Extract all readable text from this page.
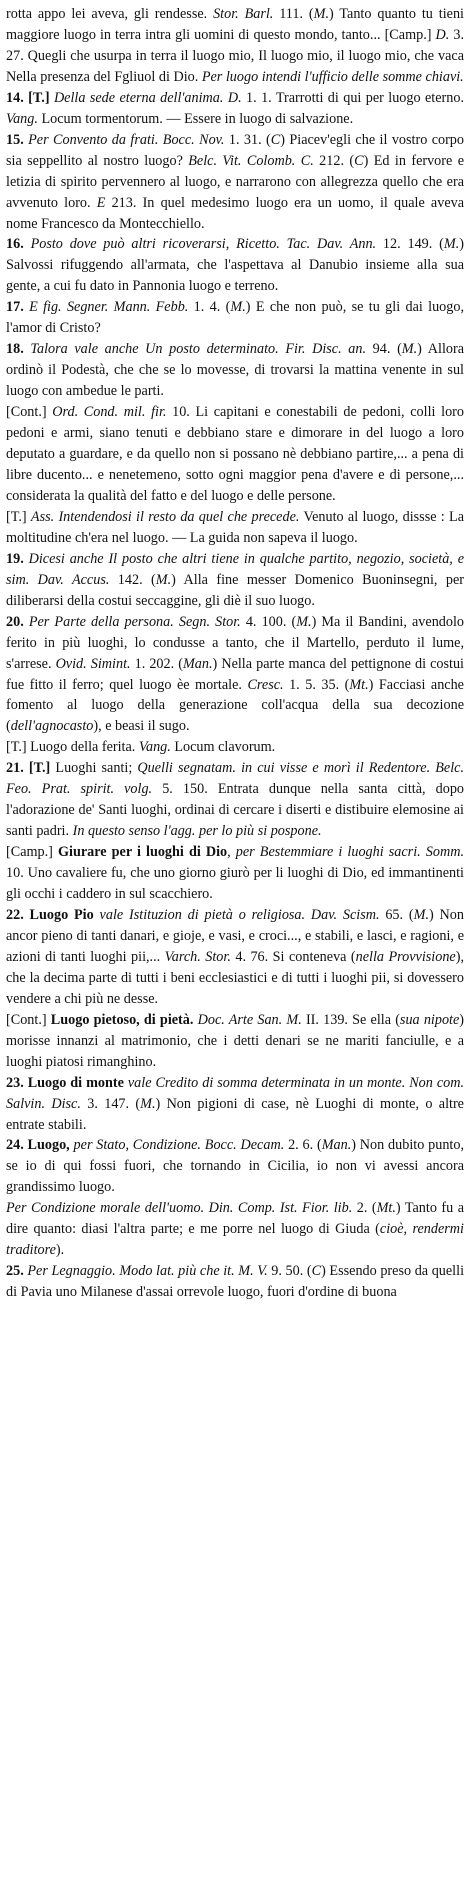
rotta appo lei aveva, gli rendesse. Stor. Barl. 111. (M.) Tanto quanto tu tieni maggiore luogo in terra intra gli uomini di questo mondo, tanto... [Camp.] D. 3. 27. Quegli che usurpa in terra il luogo mio, Il luogo mio, il luogo mio, che vaca Nella presenza del Fgliuol di Dio. Per luogo intendi l'ufficio delle somme chiavi.

14. [T.] Della sede eterna dell'anima. D. 1. 1. Trarrotti di qui per luogo eterno. Vang. Locum tormentorum. — Essere in luogo di salvazione.

15. Per Convento da frati. Bocc. Nov. 1. 31. (C) Piacev'egli che il vostro corpo sia seppellito al nostro luogo? Belc. Vit. Colomb. C. 212. (C) Ed in fervore e letizia di spirito pervennero al luogo, e narrarono con allegrezza quello che era avvenuto loro. E 213. In quel medesimo luogo era un uomo, il quale aveva nome Francesco da Montecchiello.

16. Posto dove può altri ricoverarsi, Ricetto. Tac. Dav. Ann. 12. 149. (M.) Salvossi rifuggendo all'armata, che l'aspettava al Danubio insieme alla sua gente, a cui fu dato in Pannonia luogo e terreno.

17. E fig. Segner. Mann. Febb. 1. 4. (M.) E che non può, se tu gli dai luogo, l'amor di Cristo?

18. Talora vale anche Un posto determinato. Fir. Disc. an. 94. (M.) Allora ordinò il Podestà, che che se lo movesse, di trovarsi la mattina venente in sul luogo con ambedue le parti.

[Cont.] Ord. Cond. mil. fir. 10. Li capitani e conestabili de pedoni, colli loro pedoni e armi, siano tenuti e debbiano stare e dimorare in del luogo a loro deputato a guardare, e da quello non si possano nè debbiano partire,... a pena di libre ducento... e nenetemeno, sotto ogni maggior pena d'avere e di persone,... considerata la qualità del fatto e del luogo e delle persone.

[T.] Ass. Intendendosi il resto da quel che precede. Venuto al luogo, dissse : La moltitudine ch'era nel luogo. — La guida non sapeva il luogo.

19. Dicesi anche Il posto che altri tiene in qualche partito, negozio, società, e sim. Dav. Accus. 142. (M.) Alla fine messer Domenico Buoninsegni, per diliberarsi della costui seccaggine, gli diè il suo luogo.

20. Per Parte della persona. Segn. Stor. 4. 100. (M.) Ma il Bandini, avendolo ferito in più luoghi, lo condusse a tanto, che il Martello, perduto il lume, s'arrese. Ovid. Simint. 1. 202. (Man.) Nella parte manca del pettignone di costui fue fitto il ferro; quel luogo èe mortale. Cresc. 1. 5. 35. (Mt.) Facciasi anche fomento al luogo della generazione coll'acqua della sua decozione (dell'agnocasto), e beasi il sugo.

[T.] Luogo della ferita. Vang. Locum clavorum.

21. [T.] Luoghi santi; Quelli segnatam. in cui visse e morì il Redentore. Belc. Feo. Prat. spirit. volg. 5. 150. Entrata dunque nella santa città, dopo l'adorazione de' Santi luoghi, ordinai di cercare i diserti e distibuire elemosine ai santi padri. In questo senso l'agg. per lo più si pospone.

[Camp.] Giurare per i luoghi di Dio, per Bestemmiare i luoghi sacri. Somm. 10. Uno cavaliere fu, che uno giorno giurò per li luoghi di Dio, ed immantinenti gli occhi i caddero in sul scacchiero.

22. Luogo Pio vale Istituzion di pietà o religiosa. Dav. Scism. 65. (M.) Non ancor pieno di tanti danari, e gioje, e vasi, e croci..., e stabili, e lasci, e ragioni, e azioni di tanti luoghi pii,... Varch. Stor. 4. 76. Si conteneva (nella Provvisione), che la decima parte di tutti i beni ecclesiastici e di tutti i luoghi pii, si dovessero vendere a chi più ne desse.

[Cont.] Luogo pietoso, di pietà. Doc. Arte San. M. II. 139. Se ella (sua nipote) morisse innanzi al matrimonio, che i detti denari se ne mariti fanciulle, e a luoghi piatosi rimanghino.

23. Luogo di monte vale Credito di somma determinata in un monte. Non com. Salvin. Disc. 3. 147. (M.) Non pigioni di case, nè Luoghi di monte, o altre entrate stabili.

24. Luogo, per Stato, Condizione. Bocc. Decam. 2. 6. (Man.) Non dubito punto, se io di qui fossi fuori, che tornando in Cicilia, io non vi avessi ancora grandissimo luogo.

Per Condizione morale dell'uomo. Din. Comp. Ist. Fior. lib. 2. (Mt.) Tanto fu a dire quanto: diasi l'altra parte; e me porre nel luogo di Giuda (cioè, rendermi traditore).

25. Per Legnaggio. Modo lat. più che it. M. V. 9. 50. (C) Essendo preso da quelli di Pavia uno Milanese d'assai orrevole luogo, fuori d'ordine di buona
